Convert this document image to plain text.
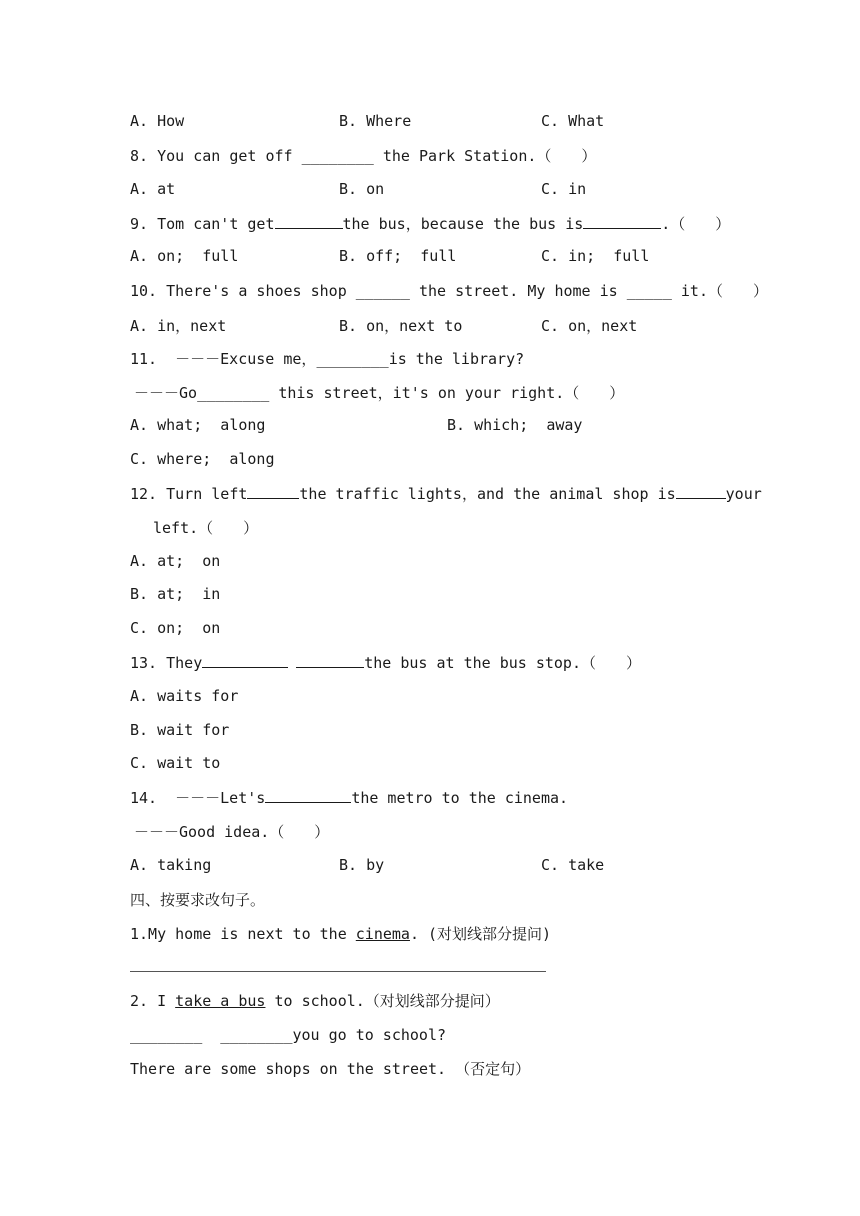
A. How	B. Where	C. What
8. You can get off ________ the Park Station.（　　）
A. at	B. on	C. in
9. Tom can't get	the bus，because the bus is	.（　　）
A. on;  full	B. off;  full	C. in;  full
10. There's a shoes shop ______ the street. My home is _____ it.（　　）
A. in，next	B. on，next to	C. on，next
11.  －－－Excuse me，________is the library?
－－－Go________ this street，it's on your right.（　　）
A. what;  along	B. which;  away
C. where;  along
12. Turn left	the traffic lights，and the animal shop is	your
left.（　　）
A. at;  on
B. at;  in
C. on;  on
13. They	the bus at the bus stop.（　　）
A. waits for
B. wait for
C. wait to
14.  －－－Let's	the metro to the cinema.
－－－Good idea.（　　）
A. taking	B. by	C. take
四、按要求改句子。
1.My home is next to the cinema. (对划线部分提问)
2. I take a bus to school.（对划线部分提问）
________ ________you go to school?
There are some shops on the street. （否定句）
